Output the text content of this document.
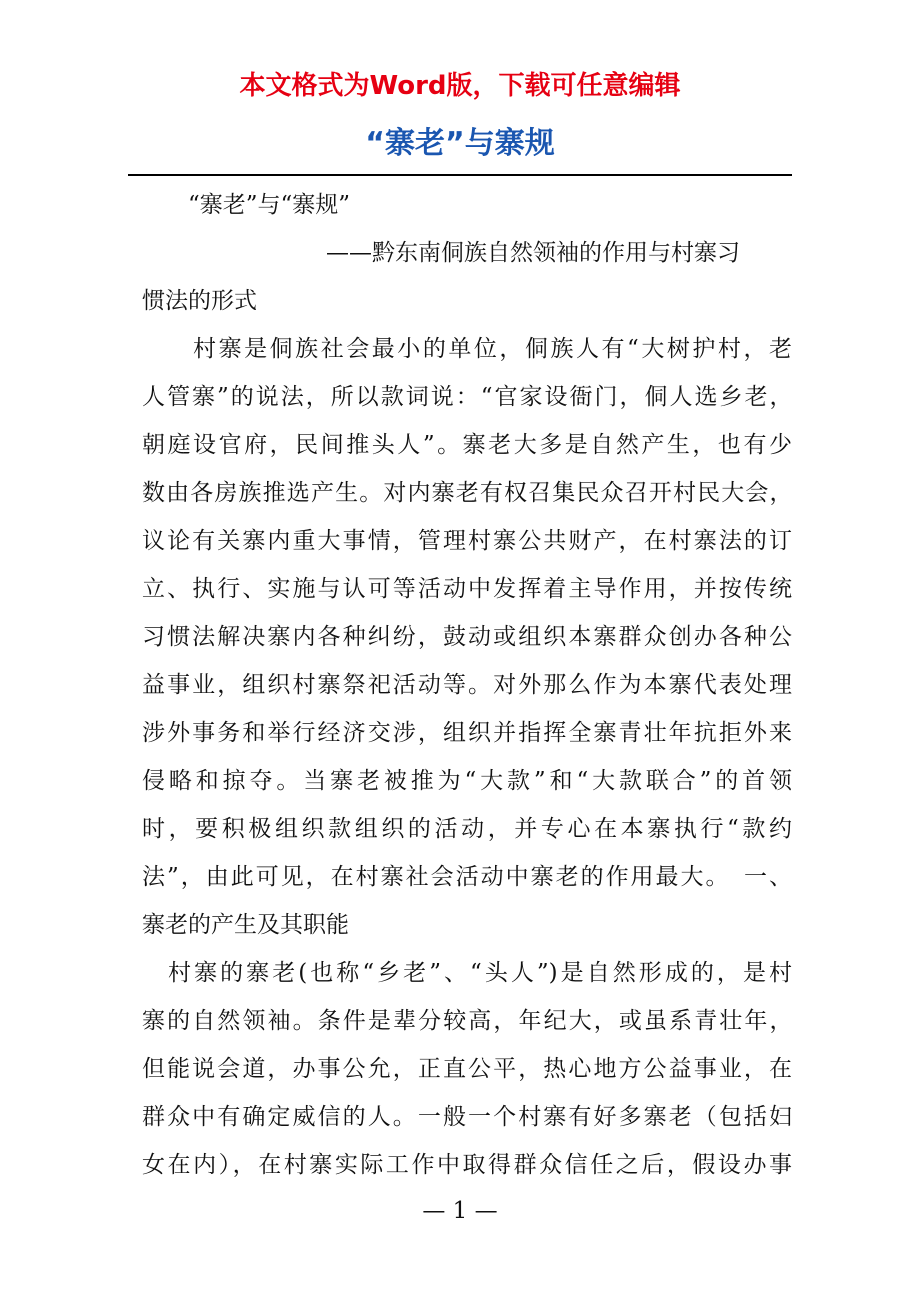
本文格式为Word版，下载可任意编辑
“寨老”与寨规
　　“寨老”与“寨规”
　　　　　　　　——黔东南侗族自然领袖的作用与村寨习
惯法的形式
　　村寨是侗族社会最小的单位，侗族人有“大树护村，老
人管寨”的说法，所以款词说：“官家设衙门，侗人选乡老，
朝庭设官府，民间推头人”。寨老大多是自然产生，也有少
数由各房族推选产生。对内寨老有权召集民众召开村民大会，
议论有关寨内重大事情，管理村寨公共财产，在村寨法的订
立、执行、实施与认可等活动中发挥着主导作用，并按传统
习惯法解决寨内各种纠纷，鼓动或组织本寨群众创办各种公
益事业，组织村寨祭祀活动等。对外那么作为本寨代表处理
涉外事务和举行经济交涉，组织并指挥全寨青壮年抗拒外来
侵略和掠夺。当寨老被推为“大款”和“大款联合”的首领
时，要积极组织款组织的活动，并专心在本寨执行“款约
法”，由此可见，在村寨社会活动中寨老的作用最大。　一、
寨老的产生及其职能
　村寨的寨老(也称“乡老”、“头人”)是自然形成的，是村
寨的自然领袖。条件是辈分较高，年纪大，或虽系青壮年，
但能说会道，办事公允，正直公平，热心地方公益事业，在
群众中有确定威信的人。一般一个村寨有好多寨老（包括妇
女在内），在村寨实际工作中取得群众信任之后，假设办事
— 1 —
